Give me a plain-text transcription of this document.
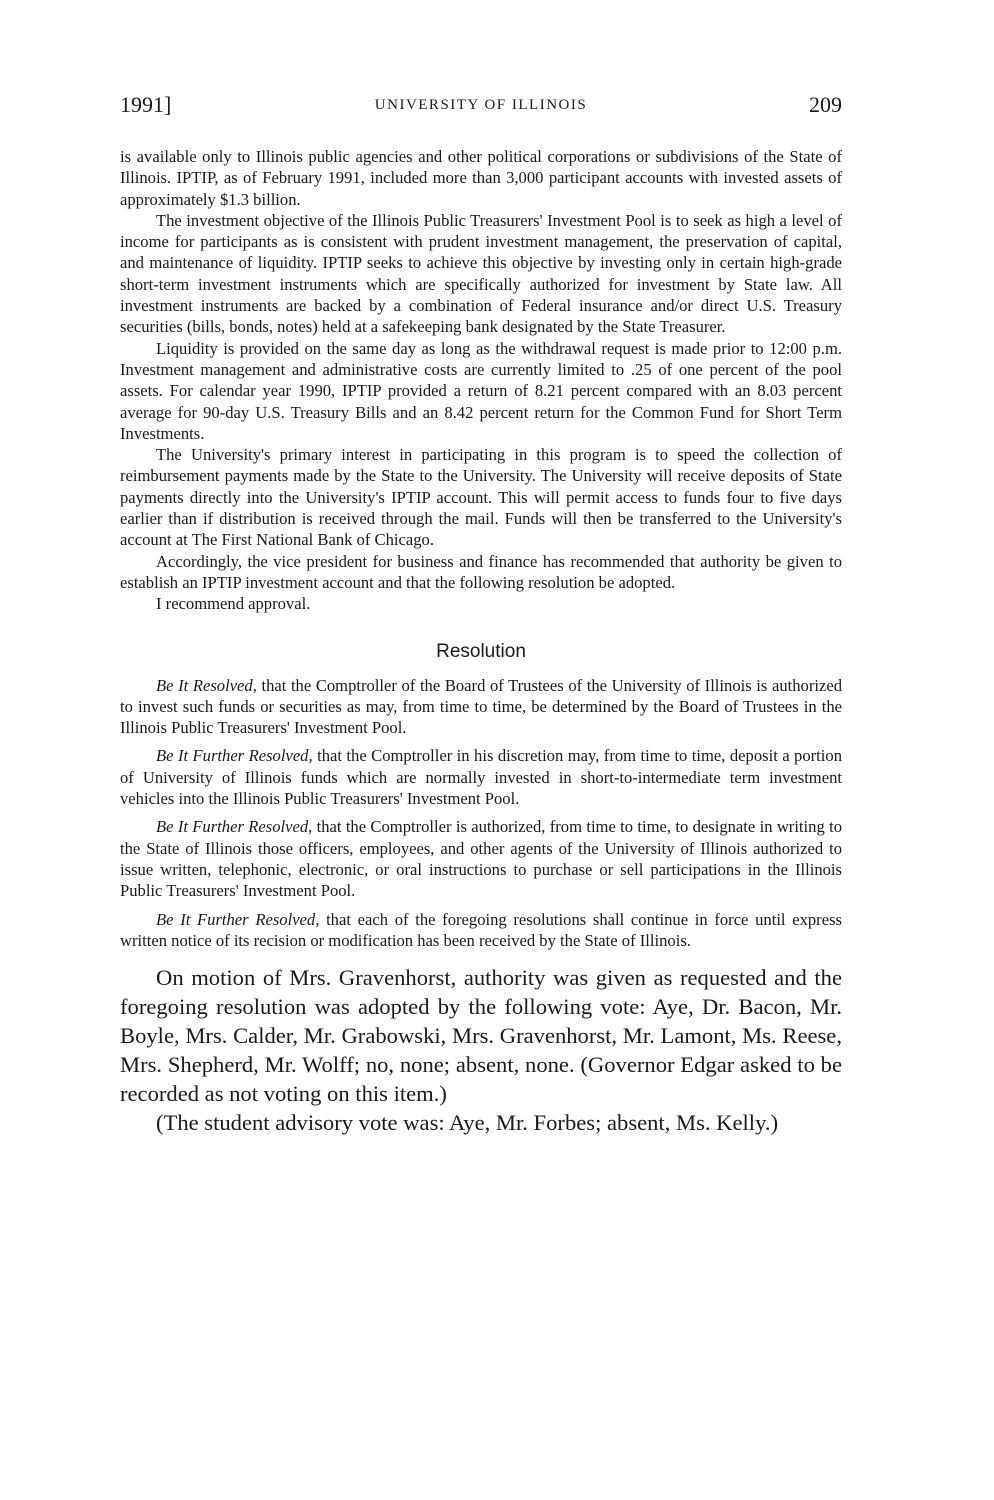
1991]	UNIVERSITY OF ILLINOIS	209

is available only to Illinois public agencies and other political corporations or subdivisions of the State of Illinois. IPTIP, as of February 1991, included more than 3,000 participant accounts with invested assets of approximately $1.3 billion.

The investment objective of the Illinois Public Treasurers' Investment Pool is to seek as high a level of income for participants as is consistent with prudent investment management, the preservation of capital, and maintenance of liquidity. IPTIP seeks to achieve this objective by investing only in certain high-grade short-term investment instruments which are specifically authorized for investment by State law. All investment instruments are backed by a combination of Federal insurance and/or direct U.S. Treasury securities (bills, bonds, notes) held at a safekeeping bank designated by the State Treasurer.

Liquidity is provided on the same day as long as the withdrawal request is made prior to 12:00 p.m. Investment management and administrative costs are currently limited to .25 of one percent of the pool assets. For calendar year 1990, IPTIP provided a return of 8.21 percent compared with an 8.03 percent average for 90-day U.S. Treasury Bills and an 8.42 percent return for the Common Fund for Short Term Investments.

The University's primary interest in participating in this program is to speed the collection of reimbursement payments made by the State to the University. The University will receive deposits of State payments directly into the University's IPTIP account. This will permit access to funds four to five days earlier than if distribution is received through the mail. Funds will then be transferred to the University's account at The First National Bank of Chicago.

Accordingly, the vice president for business and finance has recommended that authority be given to establish an IPTIP investment account and that the following resolution be adopted.

I recommend approval.

Resolution

Be It Resolved, that the Comptroller of the Board of Trustees of the University of Illinois is authorized to invest such funds or securities as may, from time to time, be determined by the Board of Trustees in the Illinois Public Treasurers' Investment Pool.

Be It Further Resolved, that the Comptroller in his discretion may, from time to time, deposit a portion of University of Illinois funds which are normally invested in short-to-intermediate term investment vehicles into the Illinois Public Treasurers' Investment Pool.

Be It Further Resolved, that the Comptroller is authorized, from time to time, to designate in writing to the State of Illinois those officers, employees, and other agents of the University of Illinois authorized to issue written, telephonic, electronic, or oral instructions to purchase or sell participations in the Illinois Public Treasurers' Investment Pool.

Be It Further Resolved, that each of the foregoing resolutions shall continue in force until express written notice of its recision or modification has been received by the State of Illinois.

On motion of Mrs. Gravenhorst, authority was given as requested and the foregoing resolution was adopted by the following vote: Aye, Dr. Bacon, Mr. Boyle, Mrs. Calder, Mr. Grabowski, Mrs. Gravenhorst, Mr. Lamont, Ms. Reese, Mrs. Shepherd, Mr. Wolff; no, none; absent, none. (Governor Edgar asked to be recorded as not voting on this item.)

(The student advisory vote was: Aye, Mr. Forbes; absent, Ms. Kelly.)
